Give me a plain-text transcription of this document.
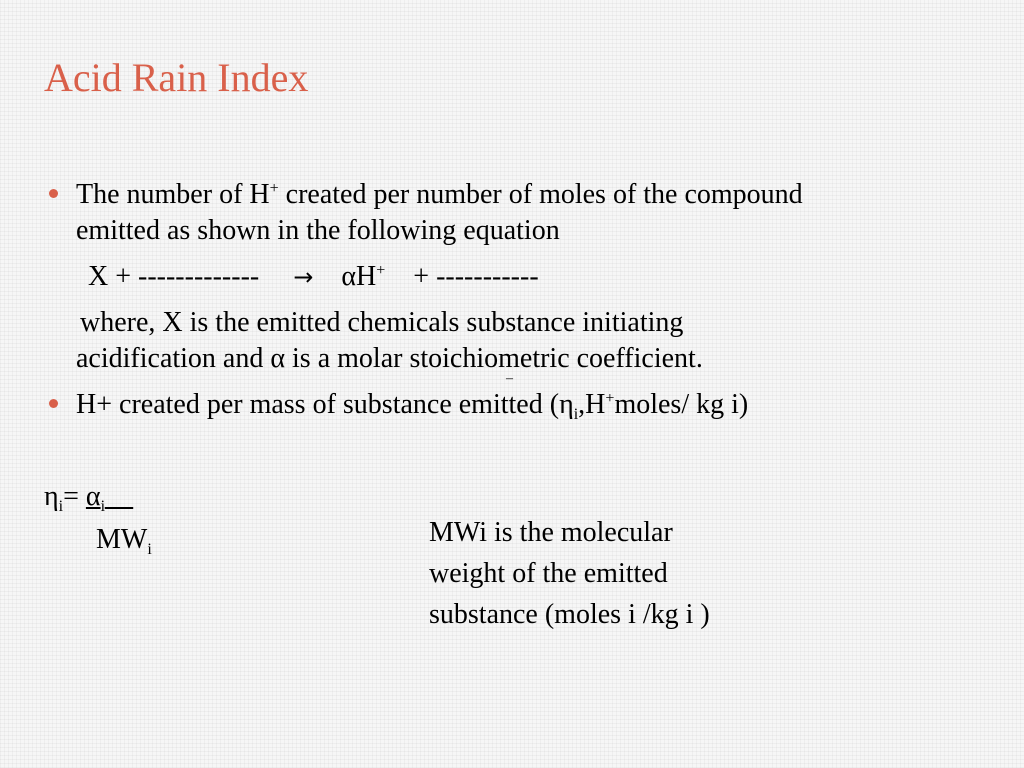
Acid Rain Index
The number of H+ created per number of moles of the compound
emitted as shown in the following equation
X + ------------- → αH+ + -----------
where, X is the emitted chemicals substance initiating
acidification and α is a molar stoichiometric coefficient.
–
H+ created per mass of substance emitted ($\eta_i,H^+moles/$ kg i)
$\eta_i=$ $\alpha_i\_\_$
$MW_i$
MWi is the molecular
weight of the emitted
substance (moles i /kg i )
